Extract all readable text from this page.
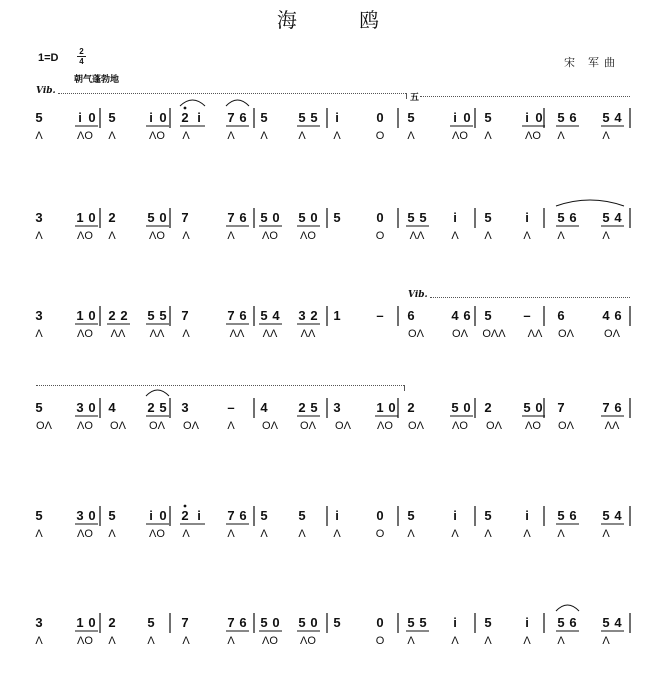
海 鸥
1=D
2
4	宋 军曲
朝气蓬勃地
Vib.
五
Vib.
5	i 0 5	i 0 2 i 7 6 5 5 5 i	0 5	i 0 5	i 0 5 6 5 4
Λ	ΛO Λ	ΛO Λ	Λ Λ	Λ	Λ	O Λ	ΛO Λ	ΛO Λ	Λ
3	1 0 2 5 0 7	7 6 5 0 5 0 5	0 5 5 i 5	i 5 6 5 4
Λ	ΛO Λ	ΛO Λ	Λ ΛO ΛO	O ΛΛ Λ Λ	Λ Λ	Λ
3	1 0 2 2 5 5 7	7 6 5 4 3 2 1	– 6	4 6 5 – 6	4 6
Λ	ΛO ΛΛ ΛΛ Λ	ΛΛ ΛΛ ΛΛ	OΛ	OΛ OΛΛ ΛΛ OΛ	OΛ
5	3 0 4 2 5 3	– 4 2 5 3	1 0 2	5 0 2 5 0 7	7 6
OΛ ΛO OΛ OΛ OΛ	Λ OΛ OΛ OΛ ΛO OΛ	ΛO OΛ ΛO OΛ	ΛΛ
5	3 0 5	i 0 2 i 7 6 5 5 i	0 5	i 5	i 5 6 5 4
Λ	ΛO Λ	ΛO Λ	Λ Λ	Λ	Λ	O Λ	Λ Λ	Λ Λ	Λ
3	1 0 2 5 7	7 6 5 0 5 0 5	0 5 5 i 5	i 5 6 5 4
Λ	ΛO Λ	Λ	Λ	Λ ΛO ΛO	O Λ	Λ Λ	Λ Λ	Λ
